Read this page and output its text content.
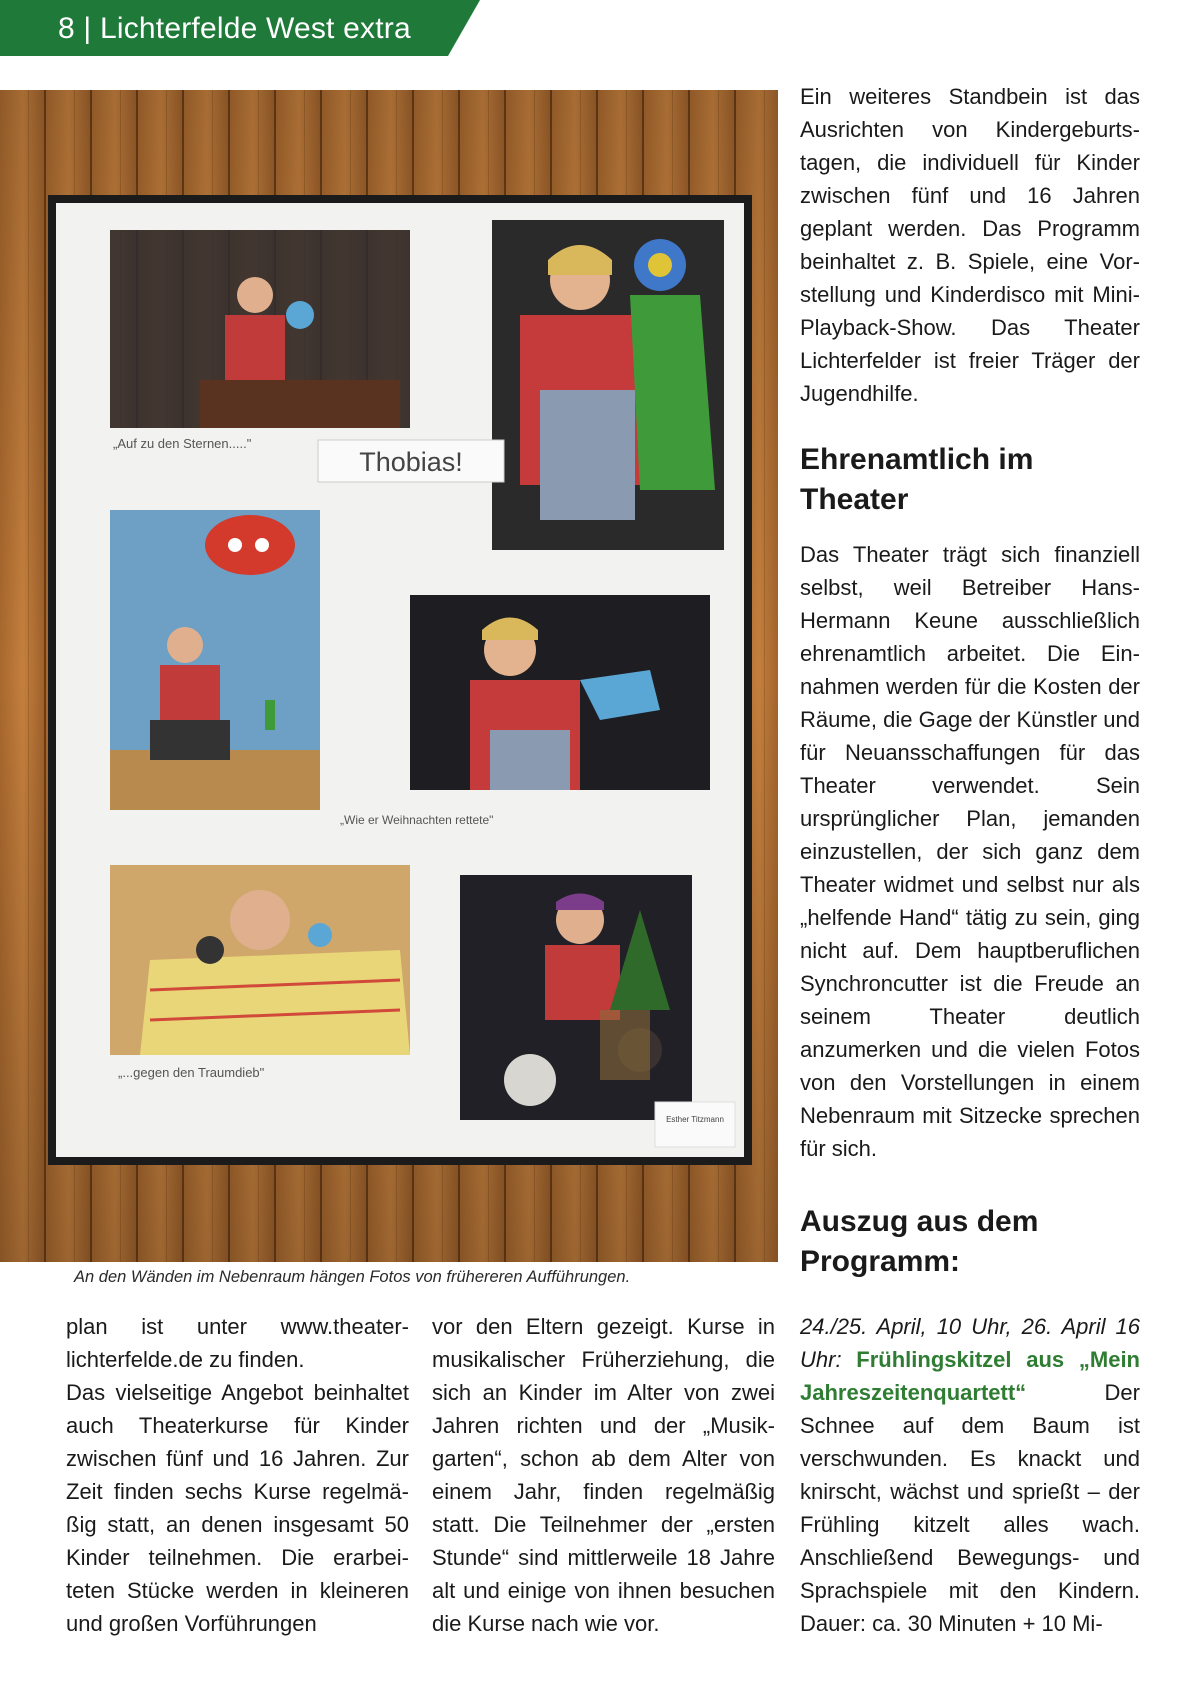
8 | Lichterfelde West extra
„Auf zu den Sternen....."
Thobias!
„Wie er Weihnachten rettete"
„...gegen den Traumdieb"
Esther Titzmann
An den Wänden im Nebenraum hängen Fotos von frühereren Aufführungen.

Ein weiteres Standbein ist das Ausrichten von Kindergeburtstagen, die individuell für Kinder zwischen fünf und 16 Jahren geplant werden. Das Programm beinhaltet z. B. Spiele, eine Vorstellung und Kinderdisco mit Mini-Playback-Show. Das Theater Lichterfelder ist freier Träger der Jugendhilfe.

Ehrenamtlich im Theater

Das Theater trägt sich finanziell selbst, weil Betreiber Hans-Hermann Keune ausschließlich ehrenamtlich arbeitet. Die Einnahmen werden für die Kosten der Räume, die Gage der Künstler und für Neuansschaffungen für das Theater verwendet. Sein ursprünglicher Plan, jemanden einzustellen, der sich ganz dem Theater widmet und selbst nur als „helfende Hand“ tätig zu sein, ging nicht auf. Dem hauptberuflichen Synchroncutter ist die Freude an seinem Theater deutlich anzumerken und die vielen Fotos von den Vorstellungen in einem Nebenraum mit Sitzecke sprechen für sich.

Auszug aus dem Programm:

plan ist unter www.theaterlichterfelde.de zu finden.

Das vielseitige Angebot beinhaltet auch Theaterkurse für Kinder zwischen fünf und 16 Jahren. Zur Zeit finden sechs Kurse regelmäßig statt, an denen insgesamt 50 Kinder teilnehmen. Die erarbeiteten Stücke werden in kleineren und großen Vorführungen

vor den Eltern gezeigt. Kurse in musikalischer Früherziehung, die sich an Kinder im Alter von zwei Jahren richten und der „Musikgarten“, schon ab dem Alter von einem Jahr, finden regelmäßig statt. Die Teilnehmer der „ersten Stunde“ sind mittlerweile 18 Jahre alt und einige von ihnen besuchen die Kurse nach wie vor.

24./25. April, 10 Uhr, 26. April 16 Uhr: Frühlingskitzel aus „Mein Jahreszeitenquartett“	Der Schnee auf dem Baum ist verschwunden. Es knackt und knirscht, wächst und sprießt – der Frühling kitzelt alles wach. Anschließend Bewegungs- und Sprachspiele mit den Kindern. Dauer: ca. 30 Minuten + 10 Mi-
